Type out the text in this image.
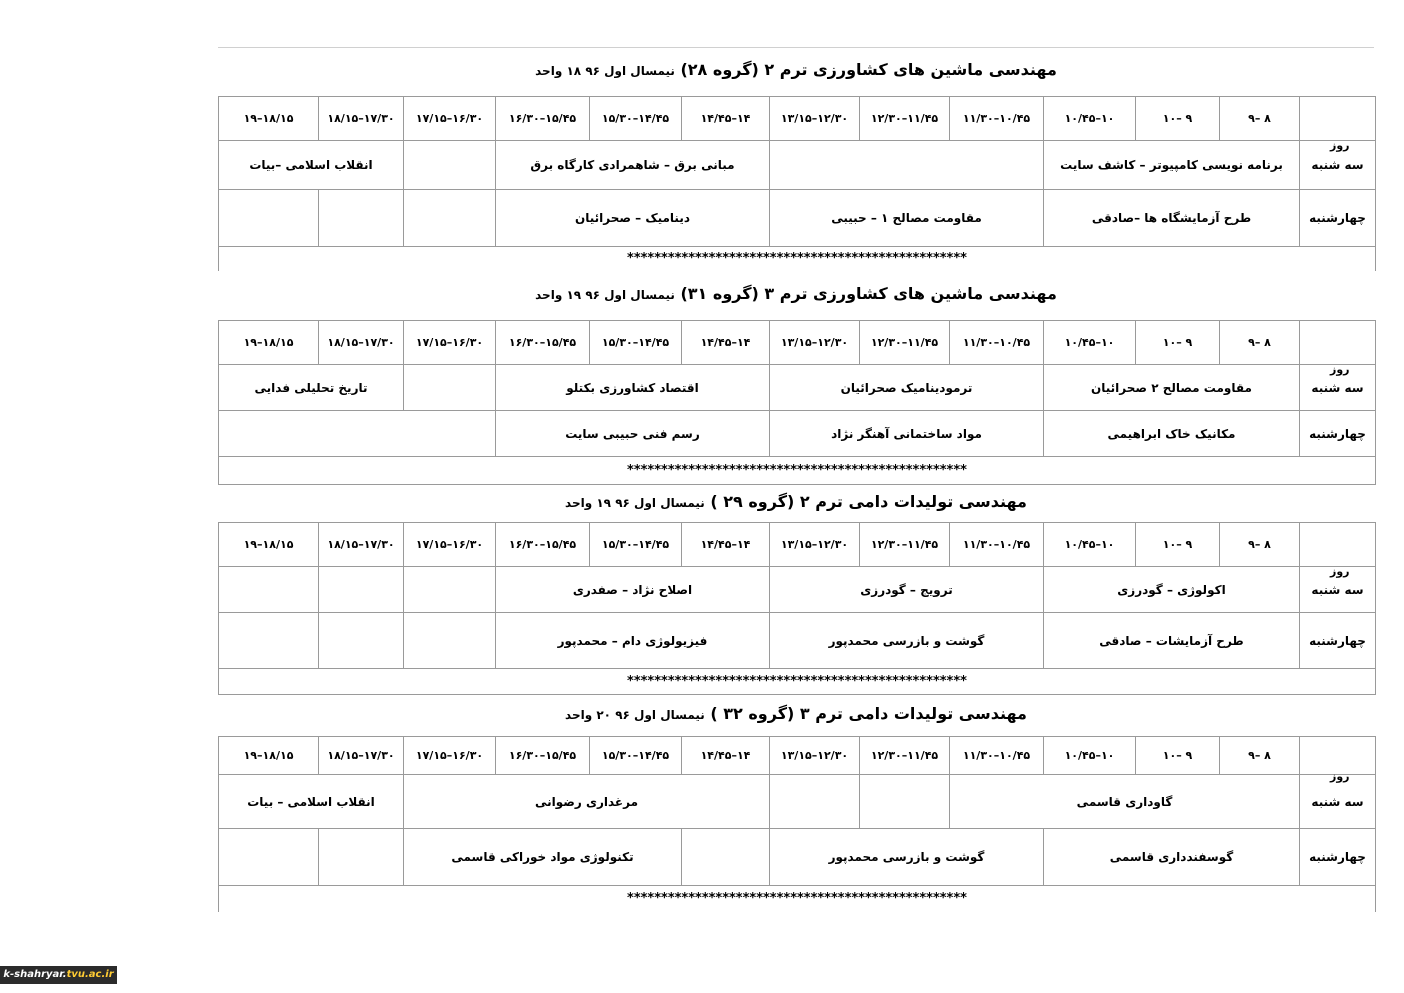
مهندسی ماشین های کشاورزی ترم ۲ (گروه ۲۸) نیمسال اول ۹۶ ۱۸ واحد
روز	۸ –۹	۹ –۱۰	۱۰–۱۰/۴۵	۱۰/۴۵–۱۱/۳۰	۱۱/۴۵–۱۲/۳۰	۱۲/۳۰–۱۳/۱۵	۱۴–۱۴/۴۵	۱۴/۴۵–۱۵/۳۰	۱۵/۴۵–۱۶/۳۰	۱۶/۳۰–۱۷/۱۵	۱۷/۳۰–۱۸/۱۵	۱۸/۱۵–۱۹
سه شنبه	برنامه نویسی کامپیوتر – کاشف سایت						مبانی برق – شاهمرادی کارگاه برق				انقلاب اسلامی –بیات	
چهارشنبه	طرح آزمایشگاه ها –صادقی			مقاومت مصالح ۱ – حبیبی			دینامیک – صحرائیان					
**************************************************												
مهندسی ماشین های کشاورزی ترم ۳ (گروه ۳۱) نیمسال اول ۹۶ ۱۹ واحد
روز	۸ –۹	۹ –۱۰	۱۰–۱۰/۴۵	۱۰/۴۵–۱۱/۳۰	۱۱/۴۵–۱۲/۳۰	۱۲/۳۰–۱۳/۱۵	۱۴–۱۴/۴۵	۱۴/۴۵–۱۵/۳۰	۱۵/۴۵–۱۶/۳۰	۱۶/۳۰–۱۷/۱۵	۱۷/۳۰–۱۸/۱۵	۱۸/۱۵–۱۹
سه شنبه	مقاومت مصالح ۲ صحرائیان			ترمودینامیک صحرائیان			اقتصاد کشاورزی بکتلو				تاریخ تحلیلی فدایی	
چهارشنبه	مکانیک خاک ابراهیمی			مواد ساختمانی آهنگر نژاد			رسم فنی حبیبی سایت					
**************************************************												
مهندسی تولیدات دامی ترم ۲ (گروه ۲۹ ) نیمسال اول ۹۶ ۱۹ واحد
روز	۸ –۹	۹ –۱۰	۱۰–۱۰/۴۵	۱۰/۴۵–۱۱/۳۰	۱۱/۴۵–۱۲/۳۰	۱۲/۳۰–۱۳/۱۵	۱۴–۱۴/۴۵	۱۴/۴۵–۱۵/۳۰	۱۵/۴۵–۱۶/۳۰	۱۶/۳۰–۱۷/۱۵	۱۷/۳۰–۱۸/۱۵	۱۸/۱۵–۱۹
سه شنبه	اکولوژی – گودرزی			ترویج – گودرزی			اصلاح نژاد – صفدری					
چهارشنبه	طرح آزمایشات – صادقی			گوشت و بازرسی محمدپور			فیزیولوژی دام – محمدپور					
**************************************************												
مهندسی تولیدات دامی ترم ۳ (گروه ۳۲ ) نیمسال اول ۹۶ ۲۰ واحد
روز	۸ –۹	۹ –۱۰	۱۰–۱۰/۴۵	۱۰/۴۵–۱۱/۳۰	۱۱/۴۵–۱۲/۳۰	۱۲/۳۰–۱۳/۱۵	۱۴–۱۴/۴۵	۱۴/۴۵–۱۵/۳۰	۱۵/۴۵–۱۶/۳۰	۱۶/۳۰–۱۷/۱۵	۱۷/۳۰–۱۸/۱۵	۱۸/۱۵–۱۹
سه شنبه	گاوداری قاسمی						مرغداری رضوانی				انقلاب اسلامی – بیات	
چهارشنبه	گوسفندداری قاسمی			گوشت و بازرسی محمدپور				تکنولوژی مواد خوراکی قاسمی				
**************************************************												
k-shahryar.tvu.ac.ir
